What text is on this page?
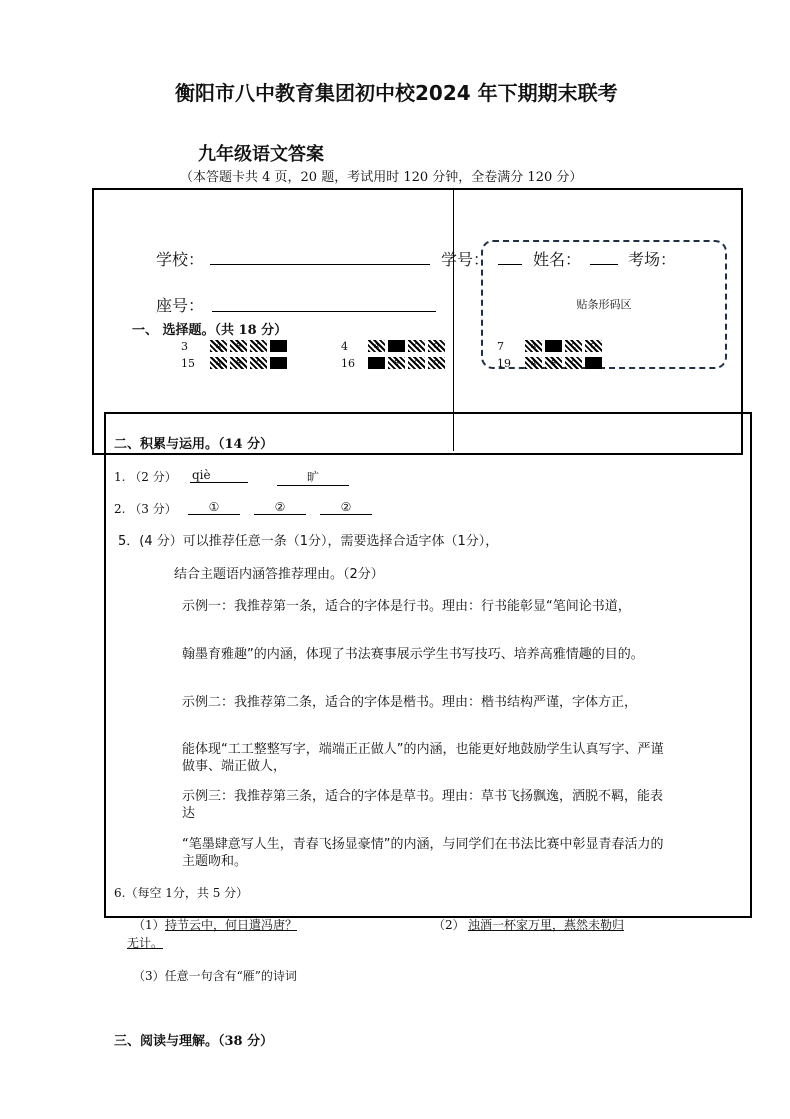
衡阳市八中教育集团初中校2024 年下期期末联考
九年级语文答案
（本答题卡共 4 页，20 题，考试用时 120 分钟，全卷满分 120 分）
学校：	学号：	姓名：	考场：
座号：	贴条形码区
一、 选择题。（共 18 分）
3	A	B	C	■	4	A	■	C	D	7	A	■	C	D
15	A	B	C	■	16	■	B	C	D	19	A	B	C	■
二、积累与运用。（14 分）
1. （2 分） qiè	旷
2. （3 分）	①	②	②
5．(4 分）可以推荐任意一条（1分），需要选择合适字体（1分），
结合主题语内涵答推荐理由。（2分）
示例一：我推荐第一条，适合的字体是行书。理由：行书能彰显“笔间论书道，
翰墨育雅趣”的内涵，体现了书法赛事展示学生书写技巧、培养高雅情趣的目的。
示例二：我推荐第二条，适合的字体是楷书。理由：楷书结构严谨，字体方正，
能体现“工工整整写字，端端正正做人”的内涵，也能更好地鼓励学生认真写字、严谨做事、端正做人，
示例三：我推荐第三条，适合的字体是草书。理由：草书飞扬飘逸，洒脱不羁，能表达
“笔墨肆意写人生，青春飞扬显豪情”的内涵，与同学们在书法比赛中彰显青春活力的主题吻和。
6.（每空 1分，共 5 分）
（1） 持节云中，何日遣冯唐？	（2） 浊酒一杯家万里，燕然未勒归
无计。
（3）任意一句含有“雁”的诗词
三、阅读与理解。（38 分）
